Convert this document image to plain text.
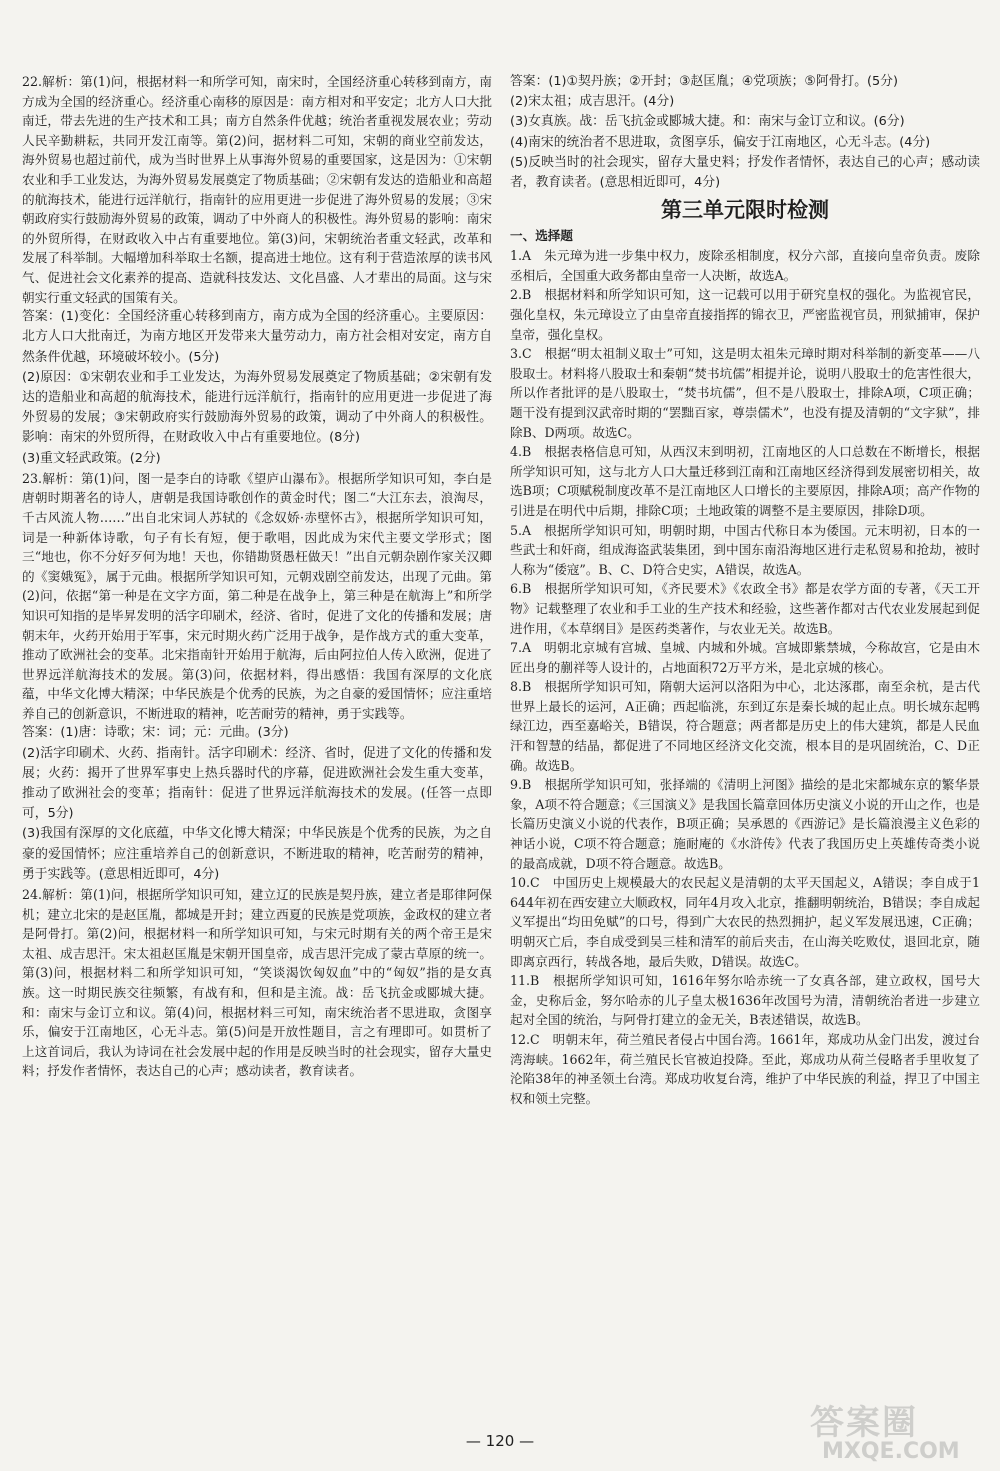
22.解析：第(1)问，根据材料一和所学可知，南宋时，全国经济重心转移到南方，南方成为全国的经济重心。经济重心南移的原因是：南方相对和平安定；北方人口大批南迁，带去先进的生产技术和工具；南方自然条件优越；统治者重视发展农业；劳动人民辛勤耕耘，共同开发江南等。第(2)问，据材料二可知，宋朝的商业空前发达，海外贸易也超过前代，成为当时世界上从事海外贸易的重要国家，这是因为：①宋朝农业和手工业发达，为海外贸易发展奠定了物质基础；②宋朝有发达的造船业和高超的航海技术，能进行远洋航行，指南针的应用更进一步促进了海外贸易的发展；③宋朝政府实行鼓励海外贸易的政策，调动了中外商人的积极性。海外贸易的影响：南宋的外贸所得，在财政收入中占有重要地位。第(3)问，宋朝统治者重文轻武，改革和发展了科举制。大幅增加科举取士名额，提高进士地位。这有利于营造浓厚的读书风气、促进社会文化素养的提高、造就科技发达、文化昌盛、人才辈出的局面。这与宋朝实行重文轻武的国策有关。

答案：(1)变化：全国经济重心转移到南方，南方成为全国的经济重心。主要原因：北方人口大批南迁，为南方地区开发带来大量劳动力，南方社会相对安定，南方自然条件优越，环境破坏较小。(5分)

(2)原因：①宋朝农业和手工业发达，为海外贸易发展奠定了物质基础；②宋朝有发达的造船业和高超的航海技术，能进行远洋航行，指南针的应用更进一步促进了海外贸易的发展；③宋朝政府实行鼓励海外贸易的政策，调动了中外商人的积极性。影响：南宋的外贸所得，在财政收入中占有重要地位。(8分)

(3)重文轻武政策。(2分)

23.解析：第(1)问，图一是李白的诗歌《望庐山瀑布》。根据所学知识可知，李白是唐朝时期著名的诗人，唐朝是我国诗歌创作的黄金时代；图二“大江东去，浪淘尽，千古风流人物……”出自北宋词人苏轼的《念奴娇·赤壁怀古》，根据所学知识可知，词是一种新体诗歌，句子有长有短，便于歌唱，因此成为宋代主要文学形式；图三“地也，你不分好歹何为地！天也，你错勘贤愚枉做天！”出自元朝杂剧作家关汉卿的《窦娥冤》，属于元曲。根据所学知识可知，元朝戏剧空前发达，出现了元曲。第(2)问，依据“第一种是在文字方面，第二种是在战争上，第三种是在航海上”和所学知识可知指的是毕昇发明的活字印刷术，经济、省时，促进了文化的传播和发展；唐朝末年，火药开始用于军事，宋元时期火药广泛用于战争，是作战方式的重大变革，推动了欧洲社会的变革。北宋指南针开始用于航海，后由阿拉伯人传入欧洲，促进了世界远洋航海技术的发展。第(3)问，依据材料，得出感悟：我国有深厚的文化底蕴，中华文化博大精深；中华民族是个优秀的民族，为之自豪的爱国情怀；应注重培养自己的创新意识，不断进取的精神，吃苦耐劳的精神，勇于实践等。

答案：(1)唐：诗歌；宋：词；元：元曲。(3分)

(2)活字印刷术、火药、指南针。活字印刷术：经济、省时，促进了文化的传播和发展；火药：揭开了世界军事史上热兵器时代的序幕，促进欧洲社会发生重大变革，推动了欧洲社会的变革；指南针：促进了世界远洋航海技术的发展。(任答一点即可，5分)

(3)我国有深厚的文化底蕴，中华文化博大精深；中华民族是个优秀的民族，为之自豪的爱国情怀；应注重培养自己的创新意识，不断进取的精神，吃苦耐劳的精神，勇于实践等。(意思相近即可，4分)

24.解析：第(1)问，根据所学知识可知，建立辽的民族是契丹族，建立者是耶律阿保机；建立北宋的是赵匡胤，都城是开封；建立西夏的民族是党项族，金政权的建立者是阿骨打。第(2)问，根据材料一和所学知识可知，与宋元时期有关的两个帝王是宋太祖、成吉思汗。宋太祖赵匡胤是宋朝开国皇帝，成吉思汗完成了蒙古草原的统一。第(3)问，根据材料二和所学知识可知，“笑谈渴饮匈奴血”中的“匈奴”指的是女真族。这一时期民族交往频繁，有战有和，但和是主流。战：岳飞抗金或郾城大捷。和：南宋与金订立和议。第(4)问，根据材料三可知，南宋统治者不思进取，贪图享乐，偏安于江南地区，心无斗志。第(5)问是开放性题目，言之有理即可。如贯析了上这首词后，我认为诗词在社会发展中起的作用是反映当时的社会现实，留存大量史料；抒发作者情怀，表达自己的心声；感动读者，教育读者。

答案：(1)①契丹族；②开封；③赵匡胤；④党项族；⑤阿骨打。(5分)

(2)宋太祖；成吉思汗。(4分)

(3)女真族。战：岳飞抗金或郾城大捷。和：南宋与金订立和议。(6分)

(4)南宋的统治者不思进取，贪图享乐，偏安于江南地区，心无斗志。(4分)

(5)反映当时的社会现实，留存大量史料；抒发作者情怀，表达自己的心声；感动读者，教育读者。(意思相近即可，4分)

第三单元限时检测
一、选择题

1.A　朱元璋为进一步集中权力，废除丞相制度，权分六部，直接向皇帝负责。废除丞相后，全国重大政务都由皇帝一人决断，故选A。

2.B　根据材料和所学知识可知，这一记载可以用于研究皇权的强化。为监视官民，强化皇权，朱元璋设立了由皇帝直接指挥的锦衣卫，严密监视官员，刑狱捕审，保护皇帝，强化皇权。

3.C　根据“明太祖制义取士”可知，这是明太祖朱元璋时期对科举制的新变革——八股取士。材料将八股取士和秦朝“焚书坑儒”相提并论，说明八股取士的危害性很大，所以作者批评的是八股取士，“焚书坑儒”，但不是八股取士，排除A项，C项正确；题干没有提到汉武帝时期的“罢黜百家，尊崇儒术”，也没有提及清朝的“文字狱”，排除B、D两项。故选C。

4.B　根据表格信息可知，从西汉末到明初，江南地区的人口总数在不断增长，根据所学知识可知，这与北方人口大量迁移到江南和江南地区经济得到发展密切相关，故选B项；C项赋税制度改革不是江南地区人口增长的主要原因，排除A项；高产作物的引进是在明代中后期，排除C项；土地政策的调整不是主要原因，排除D项。

5.A　根据所学知识可知，明朝时期，中国古代称日本为倭国。元末明初，日本的一些武士和奸商，组成海盗武装集团，到中国东南沿海地区进行走私贸易和抢劫，被时人称为“倭寇”。B、C、D符合史实，A错误，故选A。

6.B　根据所学知识可知，《齐民要术》《农政全书》都是农学方面的专著，《天工开物》记载整理了农业和手工业的生产技术和经验，这些著作都对古代农业发展起到促进作用，《本草纲目》是医药类著作，与农业无关。故选B。

7.A　明朝北京城有宫城、皇城、内城和外城。宫城即紫禁城，今称故宫，它是由木匠出身的蒯祥等人设计的，占地面积72万平方米，是北京城的核心。

8.B　根据所学知识可知，隋朝大运河以洛阳为中心，北达涿郡，南至余杭，是古代世界上最长的运河，A正确；西起临洮，东到辽东是秦长城的起止点。明长城东起鸭绿江边，西至嘉峪关，B错误，符合题意；两者都是历史上的伟大建筑，都是人民血汗和智慧的结晶，都促进了不同地区经济文化交流，根本目的是巩固统治，C、D正确。故选B。

9.B　根据所学知识可知，张择端的《清明上河图》描绘的是北宋都城东京的繁华景象，A项不符合题意；《三国演义》是我国长篇章回体历史演义小说的开山之作，也是长篇历史演义小说的代表作，B项正确；吴承恩的《西游记》是长篇浪漫主义色彩的神话小说，C项不符合题意；施耐庵的《水浒传》代表了我国历史上英雄传奇类小说的最高成就，D项不符合题意。故选B。

10.C　中国历史上规模最大的农民起义是清朝的太平天国起义，A错误；李自成于1644年初在西安建立大顺政权，同年4月攻入北京，推翻明朝统治，B错误；李自成起义军提出“均田免赋”的口号，得到广大农民的热烈拥护，起义军发展迅速，C正确；明朝灭亡后，李自成受到吴三桂和清军的前后夹击，在山海关吃败仗，退回北京，随即离京西行，转战各地，最后失败，D错误。故选C。

11.B　根据所学知识可知，1616年努尔哈赤统一了女真各部，建立政权，国号大金，史称后金，努尔哈赤的儿子皇太极1636年改国号为清，清朝统治者进一步建立起对全国的统治，与阿骨打建立的金无关，B表述错误，故选B。

12.C　明朝末年，荷兰殖民者侵占中国台湾。1661年，郑成功从金门出发，渡过台湾海峡。1662年，荷兰殖民长官被迫投降。至此，郑成功从荷兰侵略者手里收复了沦陷38年的神圣领土台湾。郑成功收复台湾，维护了中华民族的利益，捍卫了中国主权和领土完整。

— 120 —	答案圈
MXQE.COM
